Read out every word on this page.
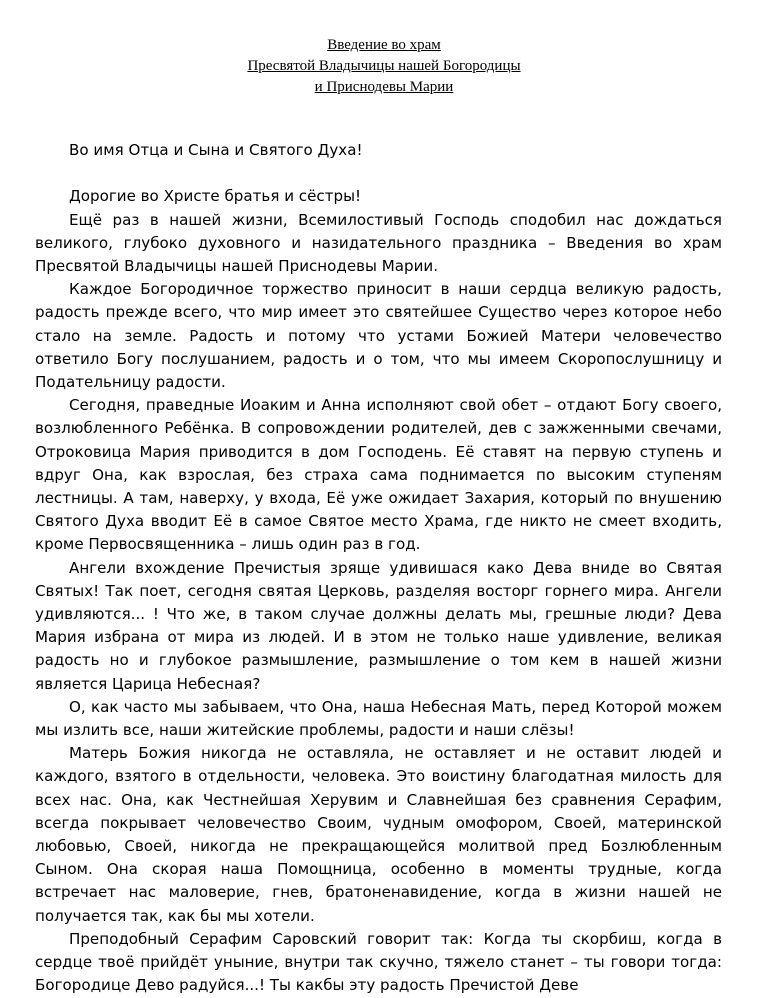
Введение во храм
Пресвятой Владычицы нашей Богородицы
и Приснодевы Марии

Во имя Отца и Сына и Святого Духа!

Дорогие во Христе братья и сёстры!

Ещё раз в нашей жизни, Всемилостивый Господь сподобил нас дождаться великого, глубоко духовного и назидательного праздника – Введения во храм Пресвятой Владычицы нашей Приснодевы Марии.

Каждое Богородичное торжество приносит в наши сердца великую радость, радость прежде всего, что мир имеет это святейшее Существо через которое небо стало на земле. Радость и потому что устами Божией Матери человечество ответило Богу послушанием, радость и о том, что мы имеем Скоропослушницу и Подательницу радости.

Сегодня, праведные Иоаким и Анна исполняют свой обет – отдают Богу своего, возлюбленного Ребёнка. В сопровождении родителей, дев с зажженными свечами, Отроковица Мария приводится в дом Господень. Её ставят на первую ступень и вдруг Она, как взрослая, без страха сама поднимается по высоким ступеням лестницы. А там, наверху, у входа, Её уже ожидает Захария, который по внушению Святого Духа вводит Её в самое Святое место Храма, где никто не смеет входить, кроме Первосвященника – лишь один раз в год.

Ангели вхождение Пречистыя зряще удивишася како Дева вниде во Святая Святых! Так поет, сегодня святая Церковь, разделяя восторг горнего мира. Ангели удивляются... ! Что же, в таком случае должны делать мы, грешные люди? Дева Мария избрана от мира из людей. И в этом не только наше удивление, великая радость но и глубокое размышление, размышление о том кем в нашей жизни является Царица Небесная?

О, как часто мы забываем, что Она, наша Небесная Мать, перед Которой можем мы излить все, наши житейские проблемы, радости и наши слёзы!

Матерь Божия никогда не оставляла, не оставляет и не оставит людей и каждого, взятого в отдельности, человека. Это воистину благодатная милость для всех нас. Она, как Честнейшая Херувим и Славнейшая без сравнения Серафим, всегда покрывает человечество Своим, чудным омофором, Своей, материнской любовью, Своей, никогда не прекращающейся молитвой пред Бозлюбленным Сыном. Она скорая наша Помощница, особенно в моменты трудные, когда встречает нас маловерие, гнев, братоненавидение, когда в жизни нашей не получается так, как бы мы хотели.

Преподобный Серафим Саровский говорит так: Когда ты скорбиш, когда в сердце твоё прийдёт уныние, внутри так скучно, тяжело станет – ты говори тогда: Богородице Дево радуйся...! Ты какбы эту радость Пречистой Деве
